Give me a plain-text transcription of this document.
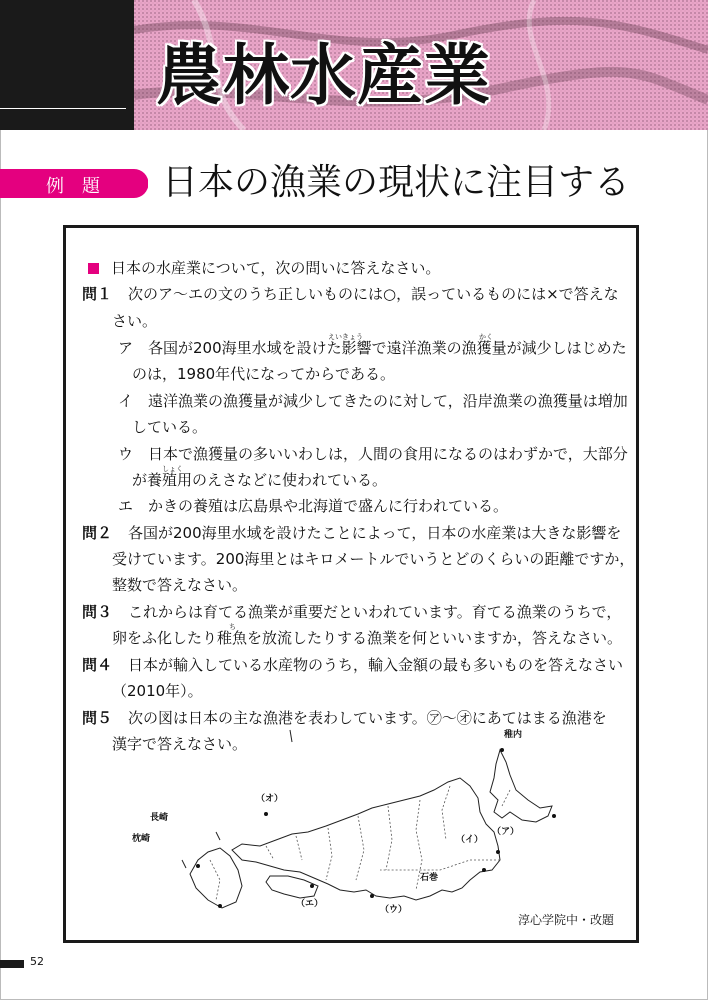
農林水産業
例題 日本の漁業の現状に注目する
日本の水産業について，次の問いに答えなさい。
問１ 次のア～エの文のうち正しいものには○，誤っているものには×で答えな
さい。
えいきょう	かく
ア　各国が200海里水域を設けた影響で遠洋漁業の漁獲量が減少しはじめた
のは，1980年代になってからである。
イ　遠洋漁業の漁獲量が減少してきたのに対して，沿岸漁業の漁獲量は増加
している。
ウ　日本で漁獲量の多いいわしは，人間の食用になるのはわずかで，大部分
しょく
が養殖用のえさなどに使われている。
エ　かきの養殖は広島県や北海道で盛んに行われている。
問２ 各国が200海里水域を設けたことによって，日本の水産業は大きな影響を
受けています。200海里とはキロメートルでいうとどのくらいの距離ですか，
整数で答えなさい。
問３ これからは育てる漁業が重要だといわれています。育てる漁業のうちで，
ち
卵をふ化したり稚魚を放流したりする漁業を何といいますか，答えなさい。
問４ 日本が輸入している水産物のうち，輸入金額の最も多いものを答えなさい
（2010年）。
問５ 次の図は日本の主な漁港を表わしています。㋐～㋔にあてはまる漁港を
漢字で答えなさい。
淳心学院中・改題
稚内
長崎
枕崎
石巻
（ア）
（イ）
（ウ）
（エ）
（オ）
52
